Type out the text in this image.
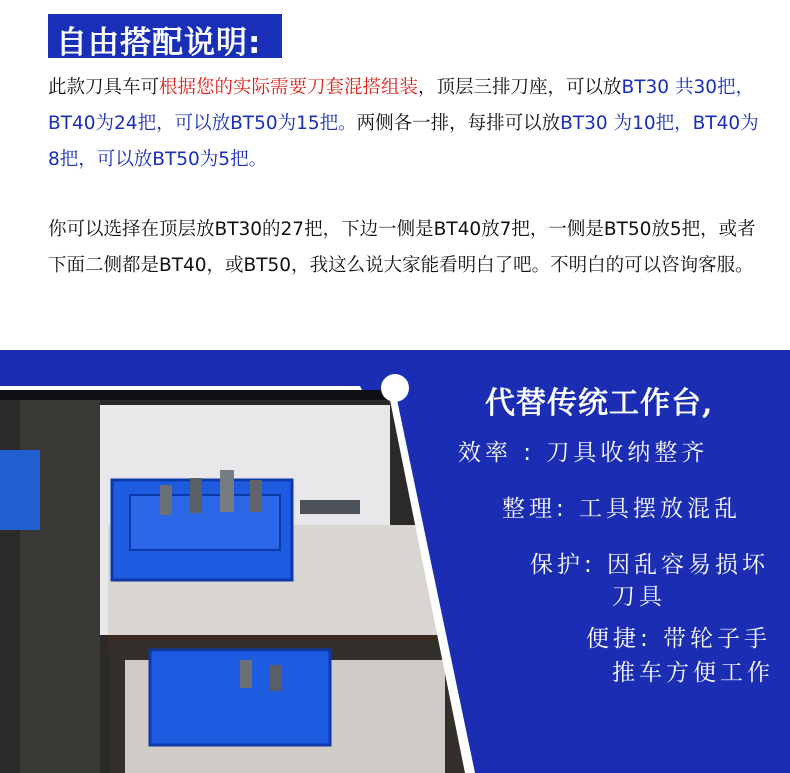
自由搭配说明:
此款刀具车可根据您的实际需要刀套混搭组装，顶层三排刀座，可以放BT30 共30把，BT40为24把，可以放BT50为15把。两侧各一排，每排可以放BT30 为10把，BT40为8把，可以放BT50为5把。
你可以选择在顶层放BT30的27把，下边一侧是BT40放7把，一侧是BT50放5把，或者下面二侧都是BT40，或BT50，我这么说大家能看明白了吧。不明白的可以咨询客服。
代替传统工作台,
效率 : 刀具收纳整齐
整理: 工具摆放混乱
保护: 因乱容易损坏
刀具
便捷: 带轮子手
推车方便工作
